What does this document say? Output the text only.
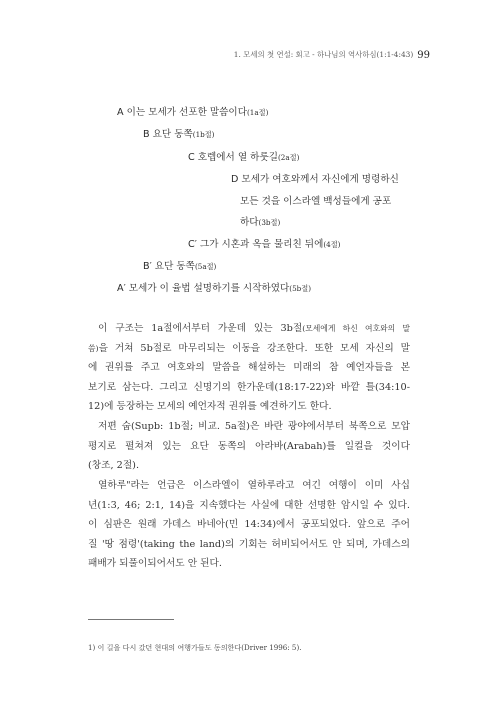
1. 모세의 첫 연설: 회고 - 하나님의 역사하심(1:1-4:43) 99
A 이는 모세가 선포한 말씀이다(1a절)
B 요단 동쪽(1b절)
C 호렙에서 열 하룻길(2a절)
D 모세가 여호와께서 자신에게 명령하신
모든 것을 이스라엘 백성들에게 공포
하다(3b절)
C′ 그가 시혼과 옥을 물리친 뒤에(4절)
B′ 요단 동쪽(5a절)
A′ 모세가 이 율법 설명하기를 시작하였다(5b절)
이 구조는 1a절에서부터 가운데 있는 3b절(모세에게 하신 여호와의 말
씀)을 거쳐 5b절로 마무리되는 이동을 강조한다. 또한 모세 자신의 말
에 권위를 주고 여호와의 말씀을 해설하는 미래의 참 예언자들을 본
보기로 삼는다. 그리고 신명기의 한가운데(18:17-22)와 바깥 틀(34:10-
12)에 등장하는 모세의 예언자적 권위를 예견하기도 한다.
저편 숩(Supb: 1b절; 비교. 5a절)은 바란 광야에서부터 북쪽으로 모압
평지로 펼쳐져 있는 요단 동쪽의 아라바(Arabah)를 일컬을 것이다
(창조, 2절).
열하루"라는 언급은 이스라엘이 열하루라고 여긴 여행이 이미 사십
년(1:3, 46; 2:1, 14)을 지속했다는 사실에 대한 선명한 암시일 수 있다.
이 심판은 원래 가데스 바네아(민 14:34)에서 공포되었다. 앞으로 주어
질 '땅 점령'(taking the land)의 기회는 허비되어서도 안 되며, 가데스의
패배가 되풀이되어서도 안 된다.
1) 이 길을 다시 갔던 현대의 여행가들도 동의한다(Driver 1996: 5).
